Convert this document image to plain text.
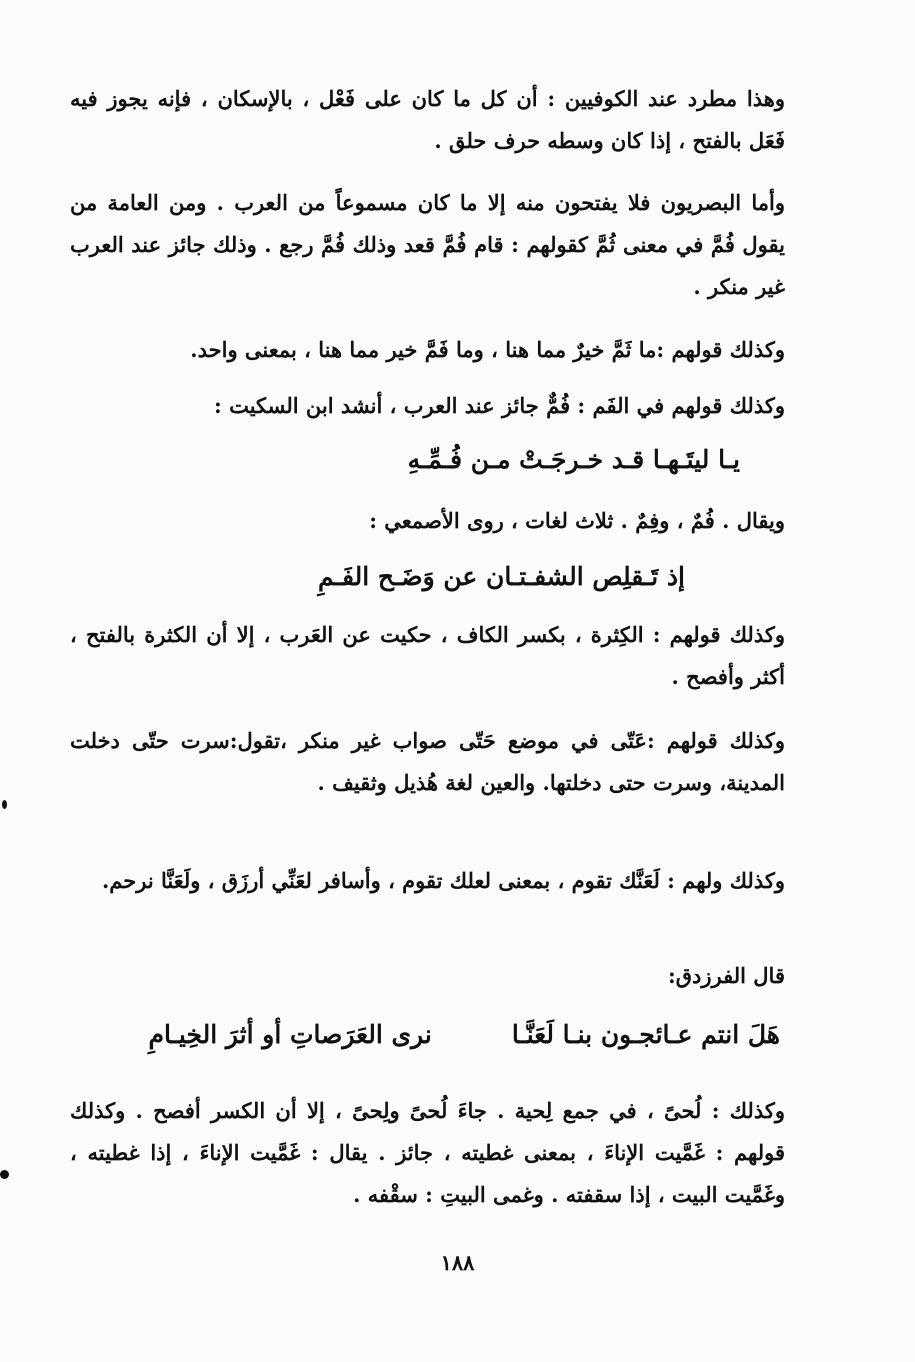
وهذا مطرد عند الكوفيين : أن كل ما كان على فَعْل ، بالإسكان ، فإنه يجوز فيه فَعَل بالفتح ، إذا كان وسطه حرف حلق .

وأما البصريون فلا يفتحون منه إلا ما كان مسموعاً من العرب . ومن العامة من يقول فُمَّ في معنى ثُمَّ كقولهم : قام فُمَّ قعد وذلك فُمَّ رجع . وذلك جائز عند العرب غير منكر .

وكذلك قولهم :ما ثَمَّ خيرٌ مما هنا ، وما فَمَّ خير مما هنا ، بمعنى واحد.

وكذلك قولهم في الفَم : فُمٌّ جائز عند العرب ، أنشد ابن السكيت :

يـا ليتَـهـا قـد خـرجَـتْ مـن فُـمِّـهِ

ويقال . فُمٌ ، وفِمٌ . ثلاث لغات ، روى الأصمعي :

إذ تَـقلِص الشفـتـان عن وَضَـح الفَـمِ

وكذلك قولهم : الكِثرة ، بكسر الكاف ، حكيت عن العَرب ، إلا أن الكثرة بالفتح ، أكثر وأفصح .

وكذلك قولهم :عَتّى في موضع حَتّى صواب غير منكر ،تقول:سرت حتّى دخلت المدينة، وسرت حتى دخلتها. والعين لغة هُذيل وثقيف .

وكذلك ولهم : لَعَنَّك تقوم ، بمعنى لعلك تقوم ، وأسافر لعَنِّي أرزَق ، ولَعَنَّا نرحم.

قال الفرزدق:

هَلَ انتم عـائجـون بنـا لَعَنَّـانرى العَرَصاتِ أو أثرَ الخِيـامِ

وكذلك : لُحىً ، في جمع لِحية . جاءَ لُحىً ولِحىً ، إلا أن الكسر أفصح . وكذلك قولهم : غَمَّيت الإناءَ ، بمعنى غطيته ، جائز . يقال : غَمَّيت الإناءَ ، إذا غطيته ، وغَمَّيت البيت ، إذا سقفته . وغمى البيتِ : سقْفه .

١٨٨
